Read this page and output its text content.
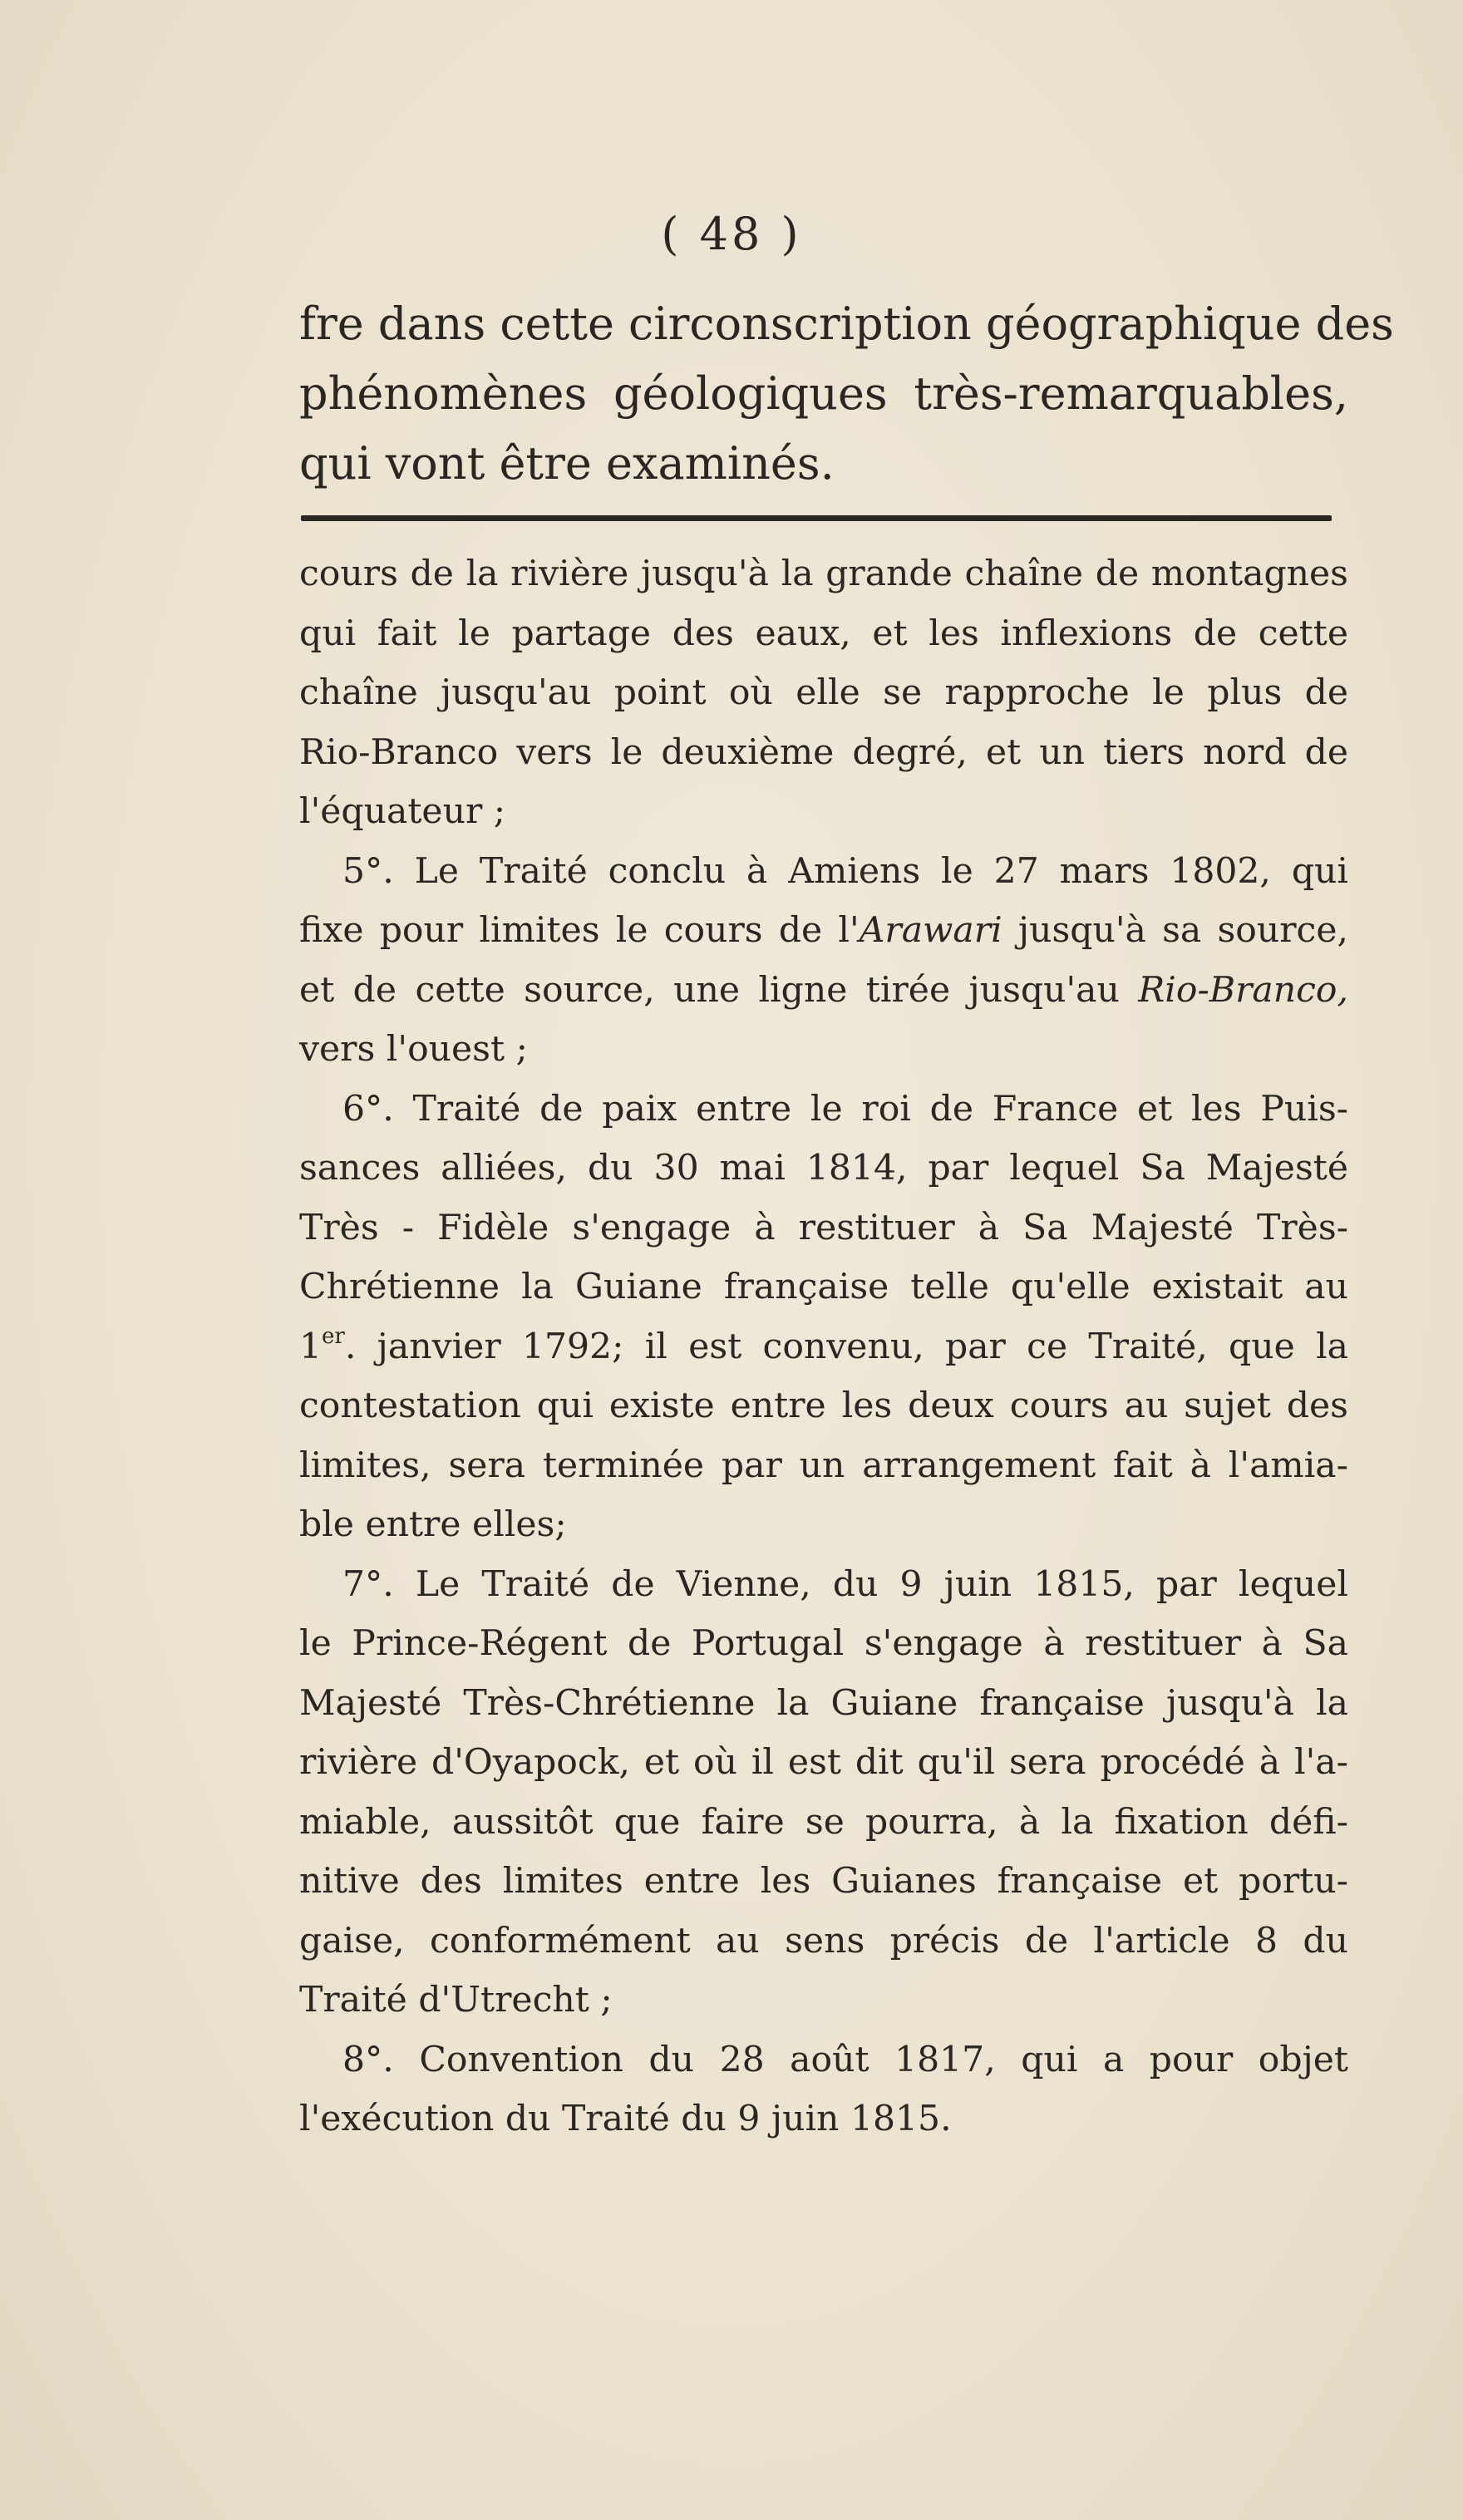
( 48 )
fre dans cette circonscription géographique des
phénomènes géologiques très-remarquables,
qui vont être examinés.
cours de la rivière jusqu'à la grande chaîne de montagnes
qui fait le partage des eaux, et les inflexions de cette
chaîne jusqu'au point où elle se rapproche le plus de
Rio-Branco vers le deuxième degré, et un tiers nord de
l'équateur ;
5°. Le Traité conclu à Amiens le 27 mars 1802, qui
fixe pour limites le cours de l'Arawari jusqu'à sa source,
et de cette source, une ligne tirée jusqu'au Rio-Branco,
vers l'ouest ;
6°. Traité de paix entre le roi de France et les Puis-
sances alliées, du 30 mai 1814, par lequel Sa Majesté
Très - Fidèle s'engage à restituer à Sa Majesté Très-
Chrétienne la Guiane française telle qu'elle existait au
1er. janvier 1792; il est convenu, par ce Traité, que la
contestation qui existe entre les deux cours au sujet des
limites, sera terminée par un arrangement fait à l'amia-
ble entre elles;
7°. Le Traité de Vienne, du 9 juin 1815, par lequel
le Prince-Régent de Portugal s'engage à restituer à Sa
Majesté Très-Chrétienne la Guiane française jusqu'à la
rivière d'Oyapock, et où il est dit qu'il sera procédé à l'a-
miable, aussitôt que faire se pourra, à la fixation défi-
nitive des limites entre les Guianes française et portu-
gaise, conformément au sens précis de l'article 8 du
Traité d'Utrecht ;
8°. Convention du 28 août 1817, qui a pour objet
l'exécution du Traité du 9 juin 1815.
